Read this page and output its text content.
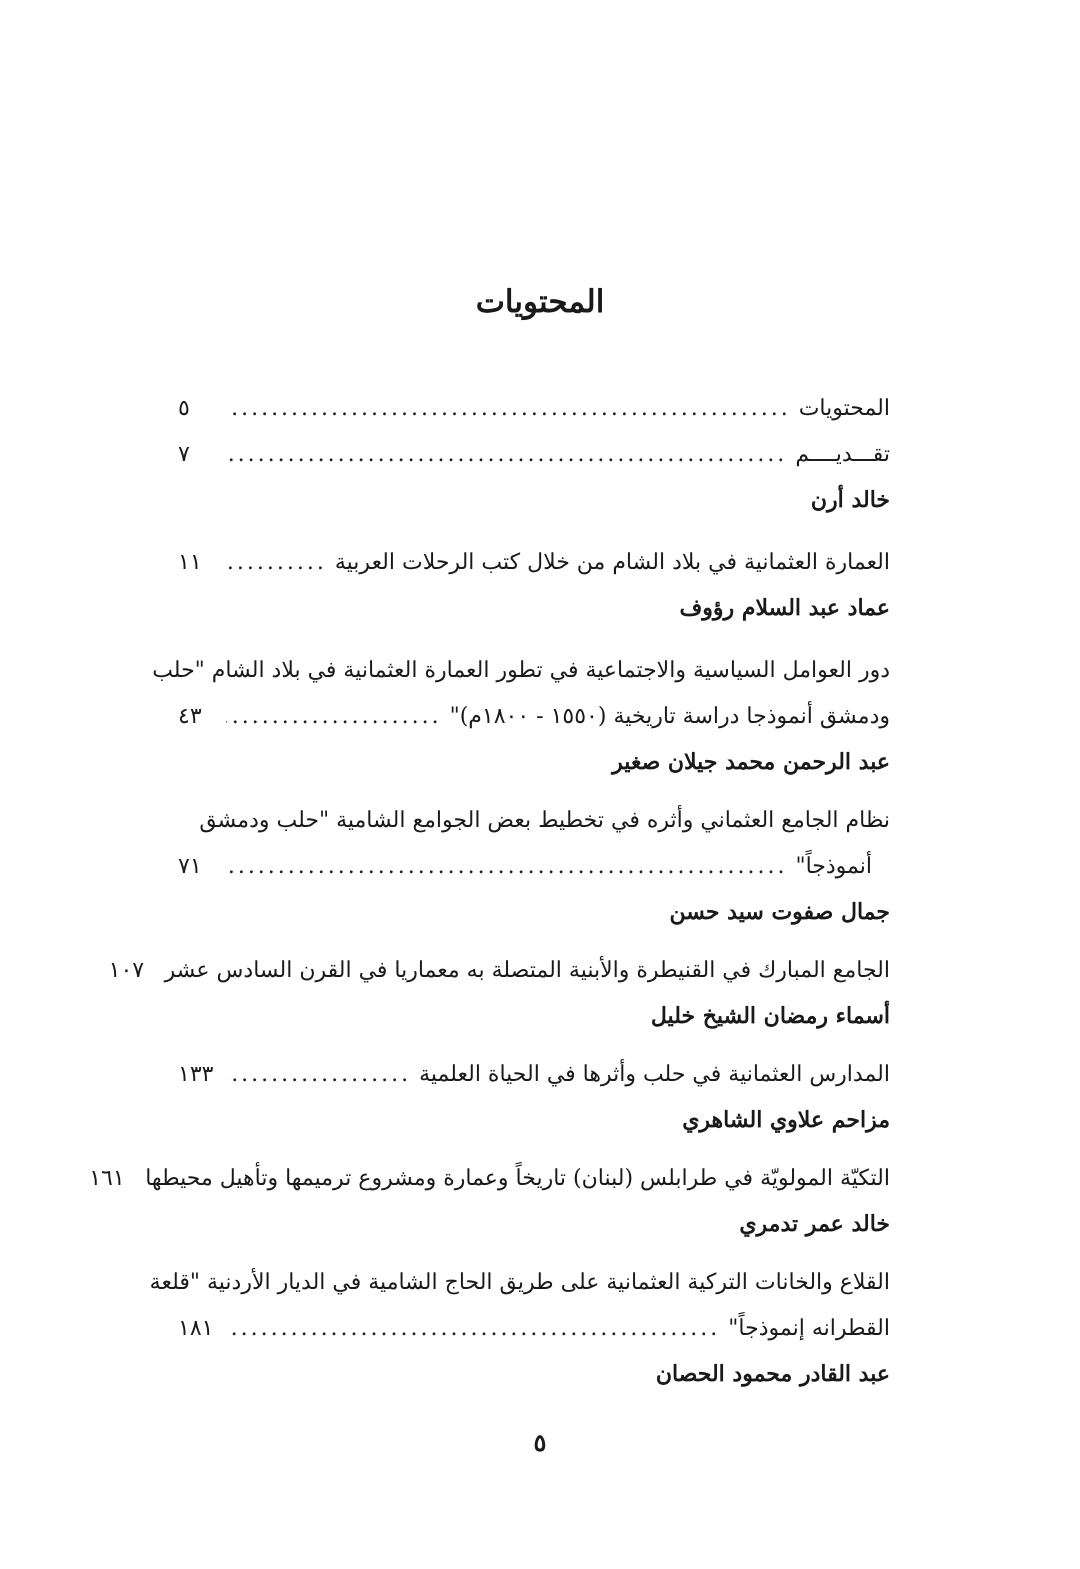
المحتويات
المحتويات
.....
٥
تقـــديــــم
.....
٧
خالد أرن
العمارة العثمانية في بلاد الشام من خلال كتب الرحلات العربية
.....
١١
عماد عبد السلام رؤوف
دور العوامل السياسية والاجتماعية في تطور العمارة العثمانية في بلاد الشام "حلب
ودمشق أنموذجا دراسة تاريخية (١٥٥٠ - ١٨٠٠م)"
.....
٤٣
عبد الرحمن محمد جيلان صغير
نظام الجامع العثماني وأثره في تخطيط بعض الجوامع الشامية "حلب ودمشق
أنموذجاً"
.....
٧١
جمال صفوت سيد حسن
الجامع المبارك في القنيطرة والأبنية المتصلة به معماريا في القرن السادس عشر
١٠٧
أسماء رمضان الشيخ خليل
المدارس العثمانية في حلب وأثرها في الحياة العلمية
.....
١٣٣
مزاحم علاوي الشاهري
التكيّة المولويّة في طرابلس (لبنان) تاريخاً وعمارة ومشروع ترميمها وتأهيل محيطها
١٦١
خالد عمر تدمري
القلاع والخانات التركية العثمانية على طريق الحاج الشامية في الديار الأردنية "قلعة
القطرانه إنموذجاً"
.....
١٨١
عبد القادر محمود الحصان
٥
